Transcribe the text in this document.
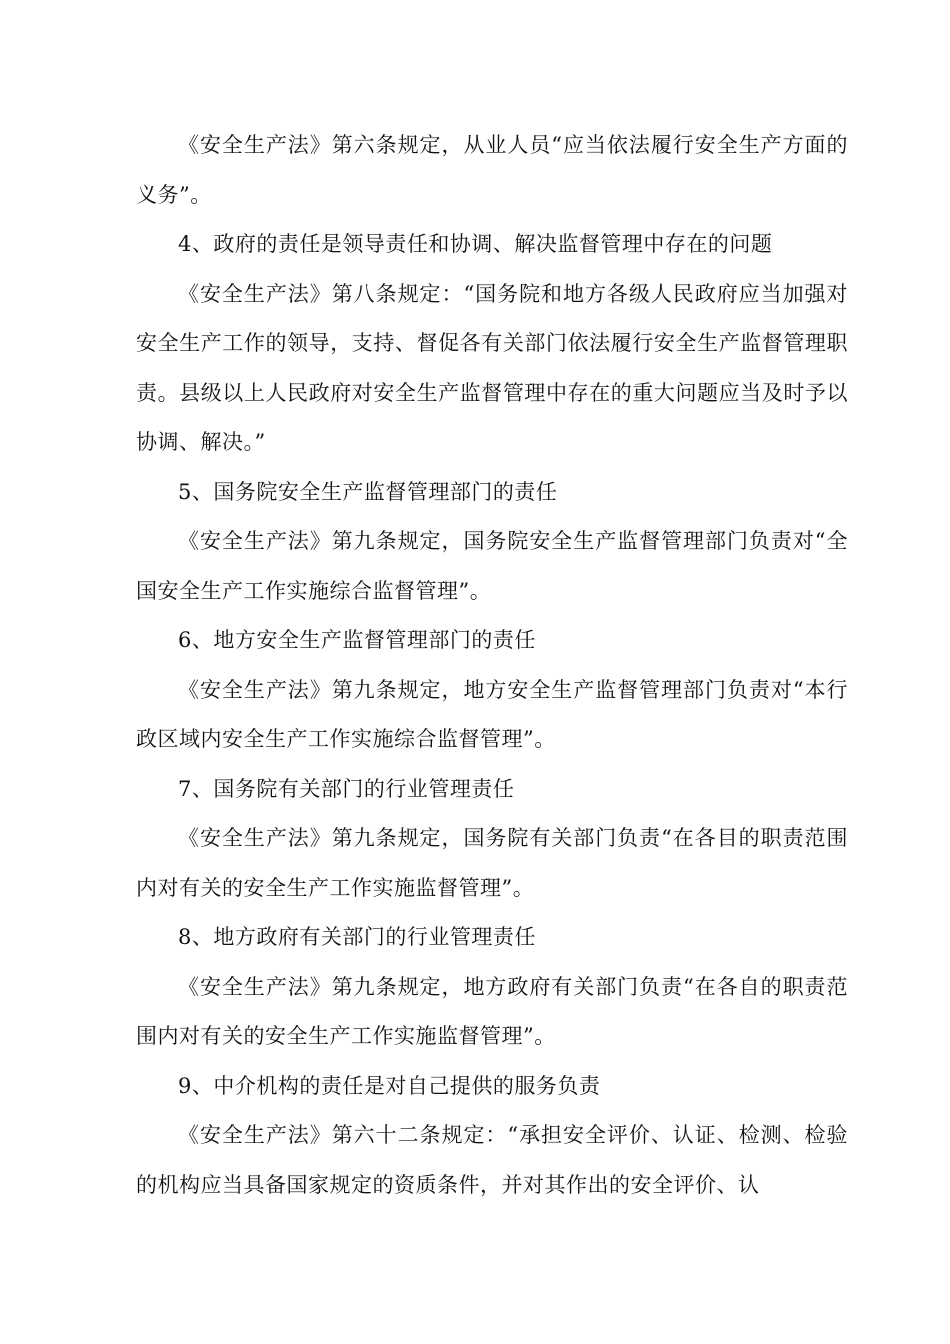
《安全生产法》第六条规定，从业人员“应当依法履行安全生产方面的义务”。

4、政府的责任是领导责任和协调、解决监督管理中存在的问题

《安全生产法》第八条规定：“国务院和地方各级人民政府应当加强对安全生产工作的领导，支持、督促各有关部门依法履行安全生产监督管理职责。县级以上人民政府对安全生产监督管理中存在的重大问题应当及时予以协调、解决。”

5、国务院安全生产监督管理部门的责任

《安全生产法》第九条规定，国务院安全生产监督管理部门负责对“全国安全生产工作实施综合监督管理”。

6、地方安全生产监督管理部门的责任

《安全生产法》第九条规定，地方安全生产监督管理部门负责对“本行政区域内安全生产工作实施综合监督管理”。

7、国务院有关部门的行业管理责任

《安全生产法》第九条规定，国务院有关部门负责“在各目的职责范围内对有关的安全生产工作实施监督管理”。

8、地方政府有关部门的行业管理责任

《安全生产法》第九条规定，地方政府有关部门负责“在各自的职责范围内对有关的安全生产工作实施监督管理”。

9、中介机构的责任是对自己提供的服务负责

《安全生产法》第六十二条规定：“承担安全评价、认证、检测、检验的机构应当具备国家规定的资质条件，并对其作出的安全评价、认
